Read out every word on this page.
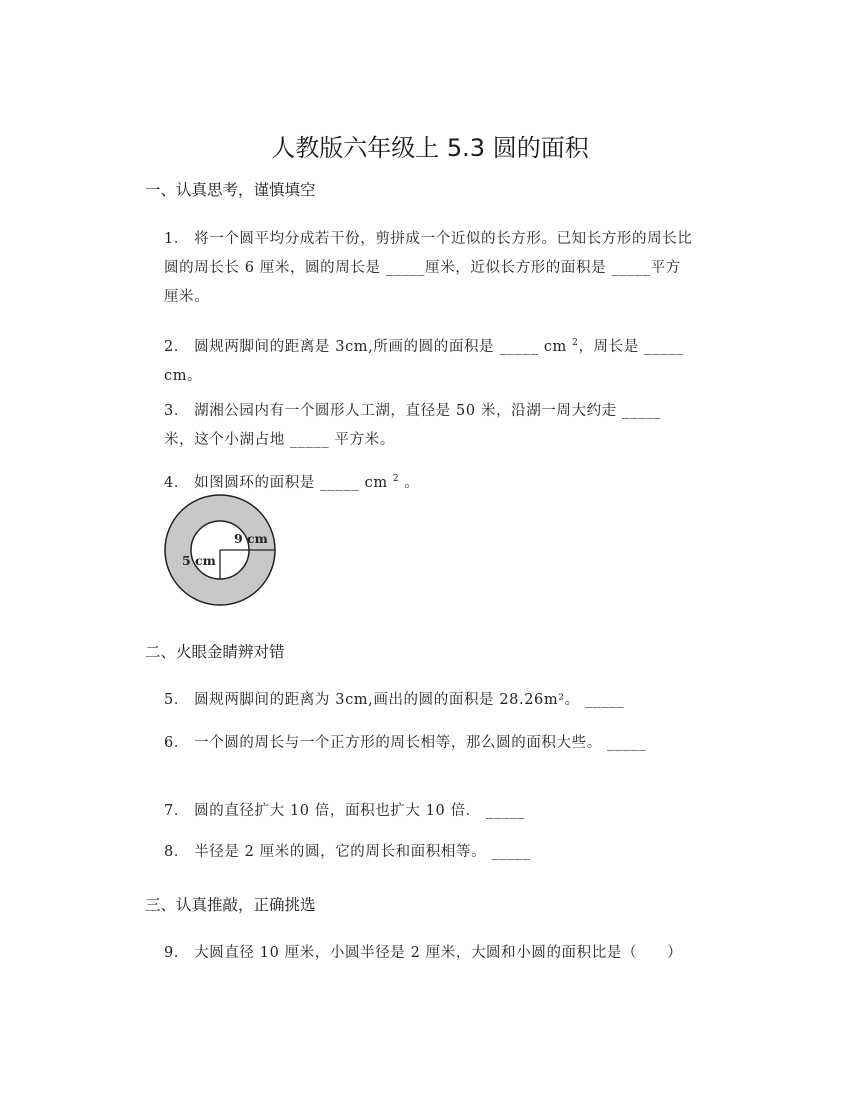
人教版六年级上 5.3 圆的面积
一、认真思考，谨慎填空
1． 将一个圆平均分成若干份，剪拼成一个近似的长方形。已知长方形的周长比圆的周长长 6 厘米，圆的周长是 _____厘米，近似长方形的面积是 _____平方厘米。
2． 圆规两脚间的距离是 3cm,所画的圆的面积是 _____ cm $^2$，周长是 _____ cm。
3． 湖湘公园内有一个圆形人工湖，直径是 50 米，沿湖一周大约走 _____ 米，这个小湖占地 _____ 平方米。
4． 如图圆环的面积是 _____ cm $^2$ 。
9 cm
5 cm
二、火眼金睛辨对错
5． 圆规两脚间的距离为 3cm,画出的圆的面积是 28.26m²。 _____
6． 一个圆的周长与一个正方形的周长相等，那么圆的面积大些。 _____
7． 圆的直径扩大 10 倍，面积也扩大 10 倍． _____
8． 半径是 2 厘米的圆，它的周长和面积相等。 _____
三、认真推敲，正确挑选
9． 大圆直径 10 厘米，小圆半径是 2 厘米，大圆和小圆的面积比是（　　）
